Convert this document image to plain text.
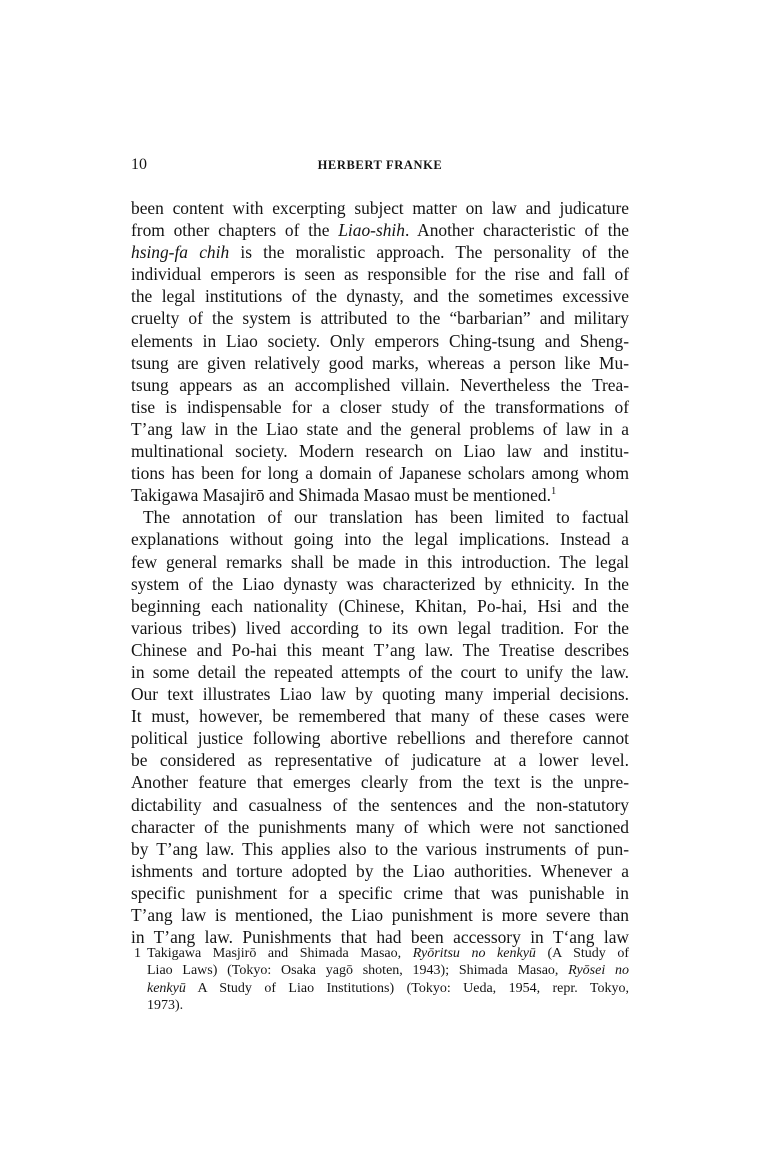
10	HERBERT FRANKE
been content with excerpting subject matter on law and judicature
from other chapters of the Liao-shih. Another characteristic of the
hsing-fa chih is the moralistic approach. The personality of the
individual emperors is seen as responsible for the rise and fall of
the legal institutions of the dynasty, and the sometimes excessive
cruelty of the system is attributed to the “barbarian” and military
elements in Liao society. Only emperors Ching-tsung and Sheng-
tsung are given relatively good marks, whereas a person like Mu-
tsung appears as an accomplished villain. Nevertheless the Trea-
tise is indispensable for a closer study of the transformations of
T’ang law in the Liao state and the general problems of law in a
multinational society. Modern research on Liao law and institu-
tions has been for long a domain of Japanese scholars among whom
Takigawa Masajirō and Shimada Masao must be mentioned.$^1$
The annotation of our translation has been limited to factual
explanations without going into the legal implications. Instead a
few general remarks shall be made in this introduction. The legal
system of the Liao dynasty was characterized by ethnicity. In the
beginning each nationality (Chinese, Khitan, Po-hai, Hsi and the
various tribes) lived according to its own legal tradition. For the
Chinese and Po-hai this meant T’ang law. The Treatise describes
in some detail the repeated attempts of the court to unify the law.
Our text illustrates Liao law by quoting many imperial decisions.
It must, however, be remembered that many of these cases were
political justice following abortive rebellions and therefore cannot
be considered as representative of judicature at a lower level.
Another feature that emerges clearly from the text is the unpre-
dictability and casualness of the sentences and the non-statutory
character of the punishments many of which were not sanctioned
by T’ang law. This applies also to the various instruments of pun-
ishments and torture adopted by the Liao authorities. Whenever a
specific punishment for a specific crime that was punishable in
T’ang law is mentioned, the Liao punishment is more severe than
in T’ang law. Punishments that had been accessory in T‘ang law
1 Takigawa Masjirō and Shimada Masao, Ryōritsu no kenkyū (A Study of
Liao Laws) (Tokyo: Osaka yagō shoten, 1943); Shimada Masao, Ryōsei no
kenkyū A Study of Liao Institutions) (Tokyo: Ueda, 1954, repr. Tokyo,
1973).
